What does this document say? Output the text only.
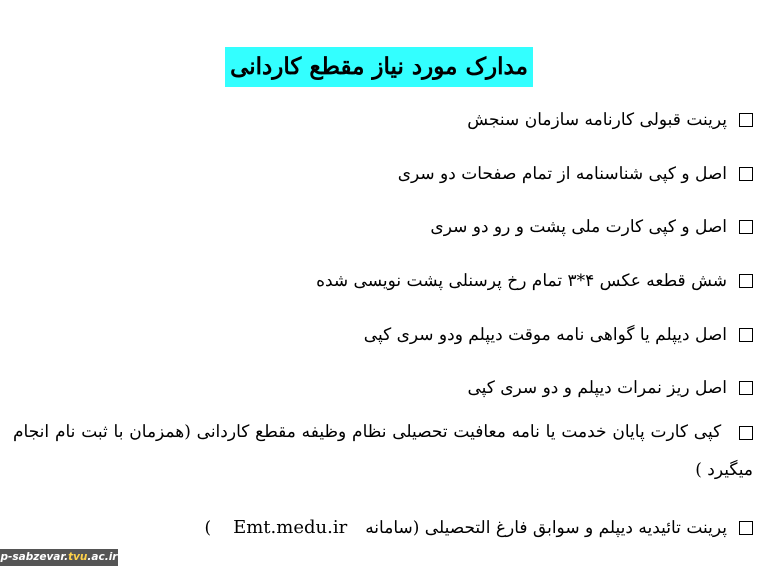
مدارک مورد نیاز مقطع کاردانی
پرینت قبولی کارنامه سازمان سنجش
اصل و کپی شناسنامه از تمام صفحات دو سری
اصل و کپی کارت ملی پشت و رو دو سری
شش قطعه عکس ۴*۳ تمام رخ پرسنلی پشت نویسی شده
اصل دیپلم یا گواهی نامه موقت دیپلم ودو سری کپی
اصل ریز نمرات دیپلم و دو سری کپی
کپی کارت پایان خدمت یا نامه معافیت تحصیلی نظام وظیفه مقطع کاردانی (همزمان با ثبت نام انجام میگیرد )
پرینت تائیدیه دیپلم و سوابق فارغ التحصیلی (سامانه
Emt.medu.ir
)
p-sabzevar.tvu.ac.ir
